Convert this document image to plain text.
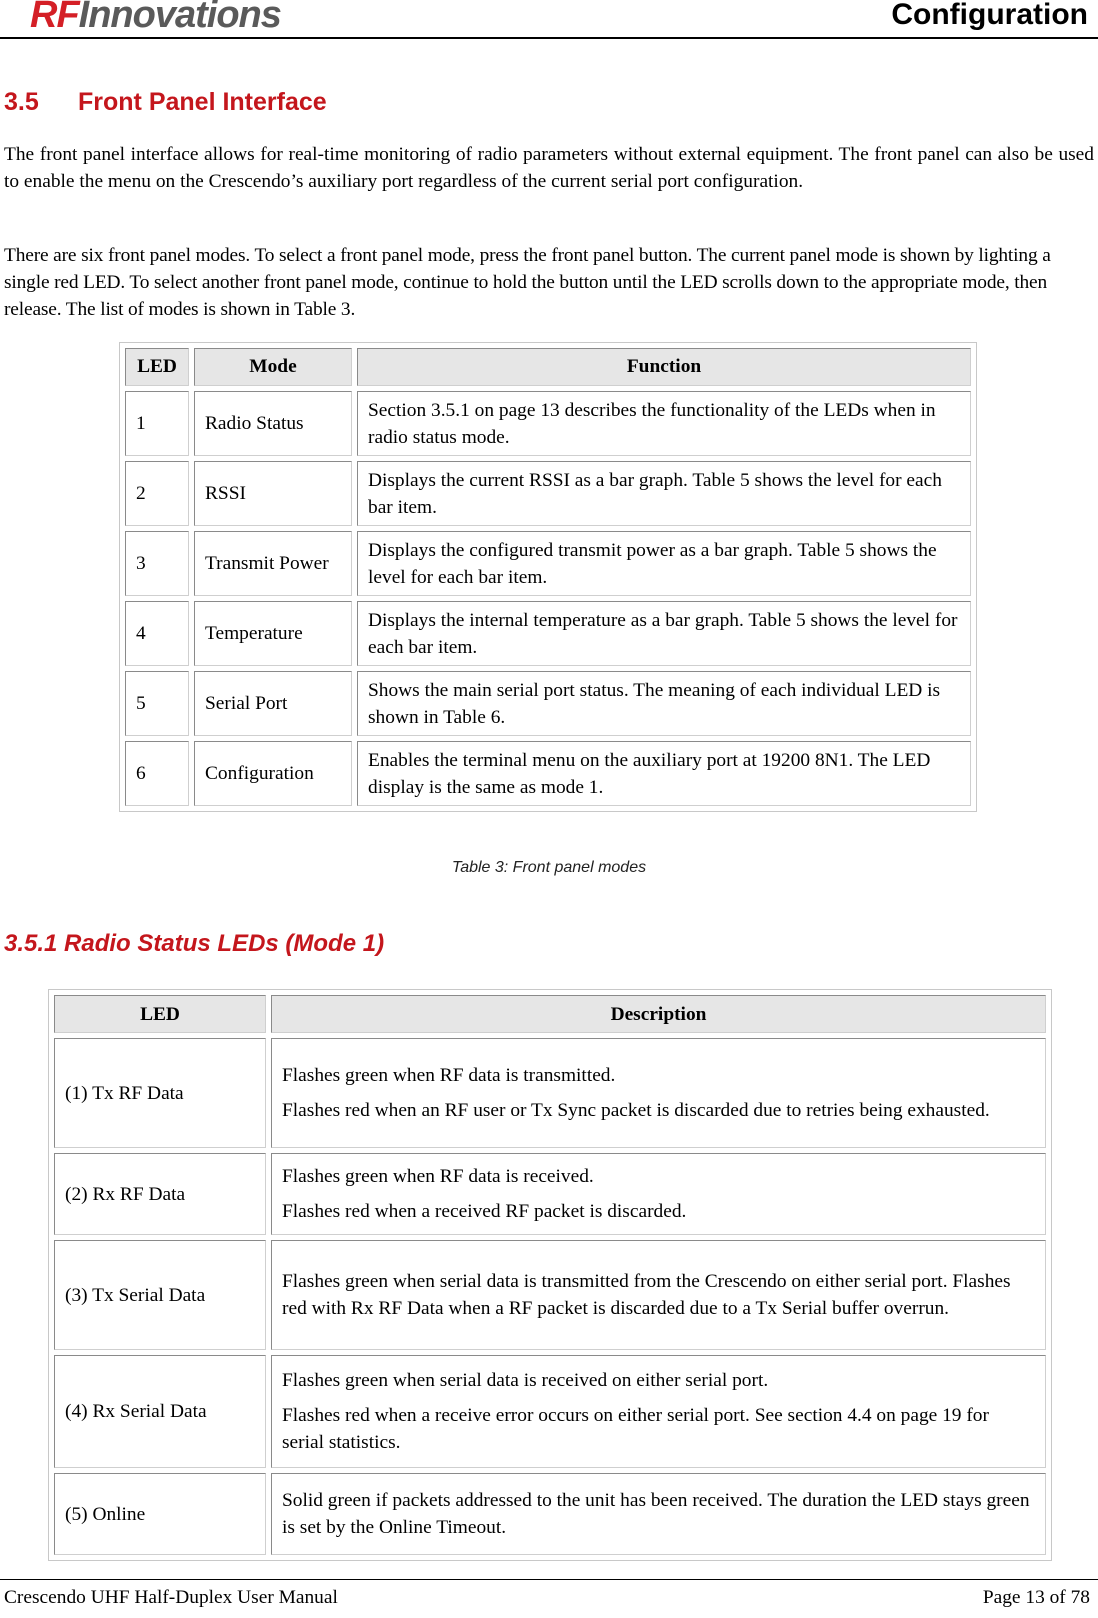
RFInnovations	Configuration
3.5 Front Panel Interface
The front panel interface allows for real-time monitoring of radio parameters without external equipment. The front panel can also be used to enable the menu on the Crescendo’s auxiliary port regardless of the current serial port configuration.
There are six front panel modes. To select a front panel mode, press the front panel button. The current panel mode is shown by lighting a single red LED. To select another front panel mode, continue to hold the button until the LED scrolls down to the appropriate mode, then release. The list of modes is shown in Table 3.
LED	Mode	Function
1	Radio Status	Section 3.5.1 on page 13 describes the functionality of the LEDs when in radio status mode.
2	RSSI	Displays the current RSSI as a bar graph. Table 5 shows the level for each bar item.
3	Transmit Power	Displays the configured transmit power as a bar graph. Table 5 shows the level for each bar item.
4	Temperature	Displays the internal temperature as a bar graph. Table 5 shows the level for each bar item.
5	Serial Port	Shows the main serial port status. The meaning of each individual LED is shown in Table 6.
6	Configuration	Enables the terminal menu on the auxiliary port at 19200 8N1. The LED display is the same as mode 1.
Table 3: Front panel modes
3.5.1 Radio Status LEDs (Mode 1)
LED	Description
(1) Tx RF Data	Flashes green when RF data is transmitted.
Flashes red when an RF user or Tx Sync packet is discarded due to retries being exhausted.

(2) Rx RF Data	Flashes green when RF data is received.
Flashes red when a received RF packet is discarded.

(3) Tx Serial Data	Flashes green when serial data is transmitted from the Crescendo on either serial port. Flashes red with Rx RF Data when a RF packet is discarded due to a Tx Serial buffer overrun.

(4) Rx Serial Data	Flashes green when serial data is received on either serial port.
Flashes red when a receive error occurs on either serial port. See section 4.4 on page 19 for serial statistics.

(5) Online	Solid green if packets addressed to the unit has been received. The duration the LED stays green is set by the Online Timeout.
Crescendo UHF Half-Duplex User Manual	Page 13 of 78
